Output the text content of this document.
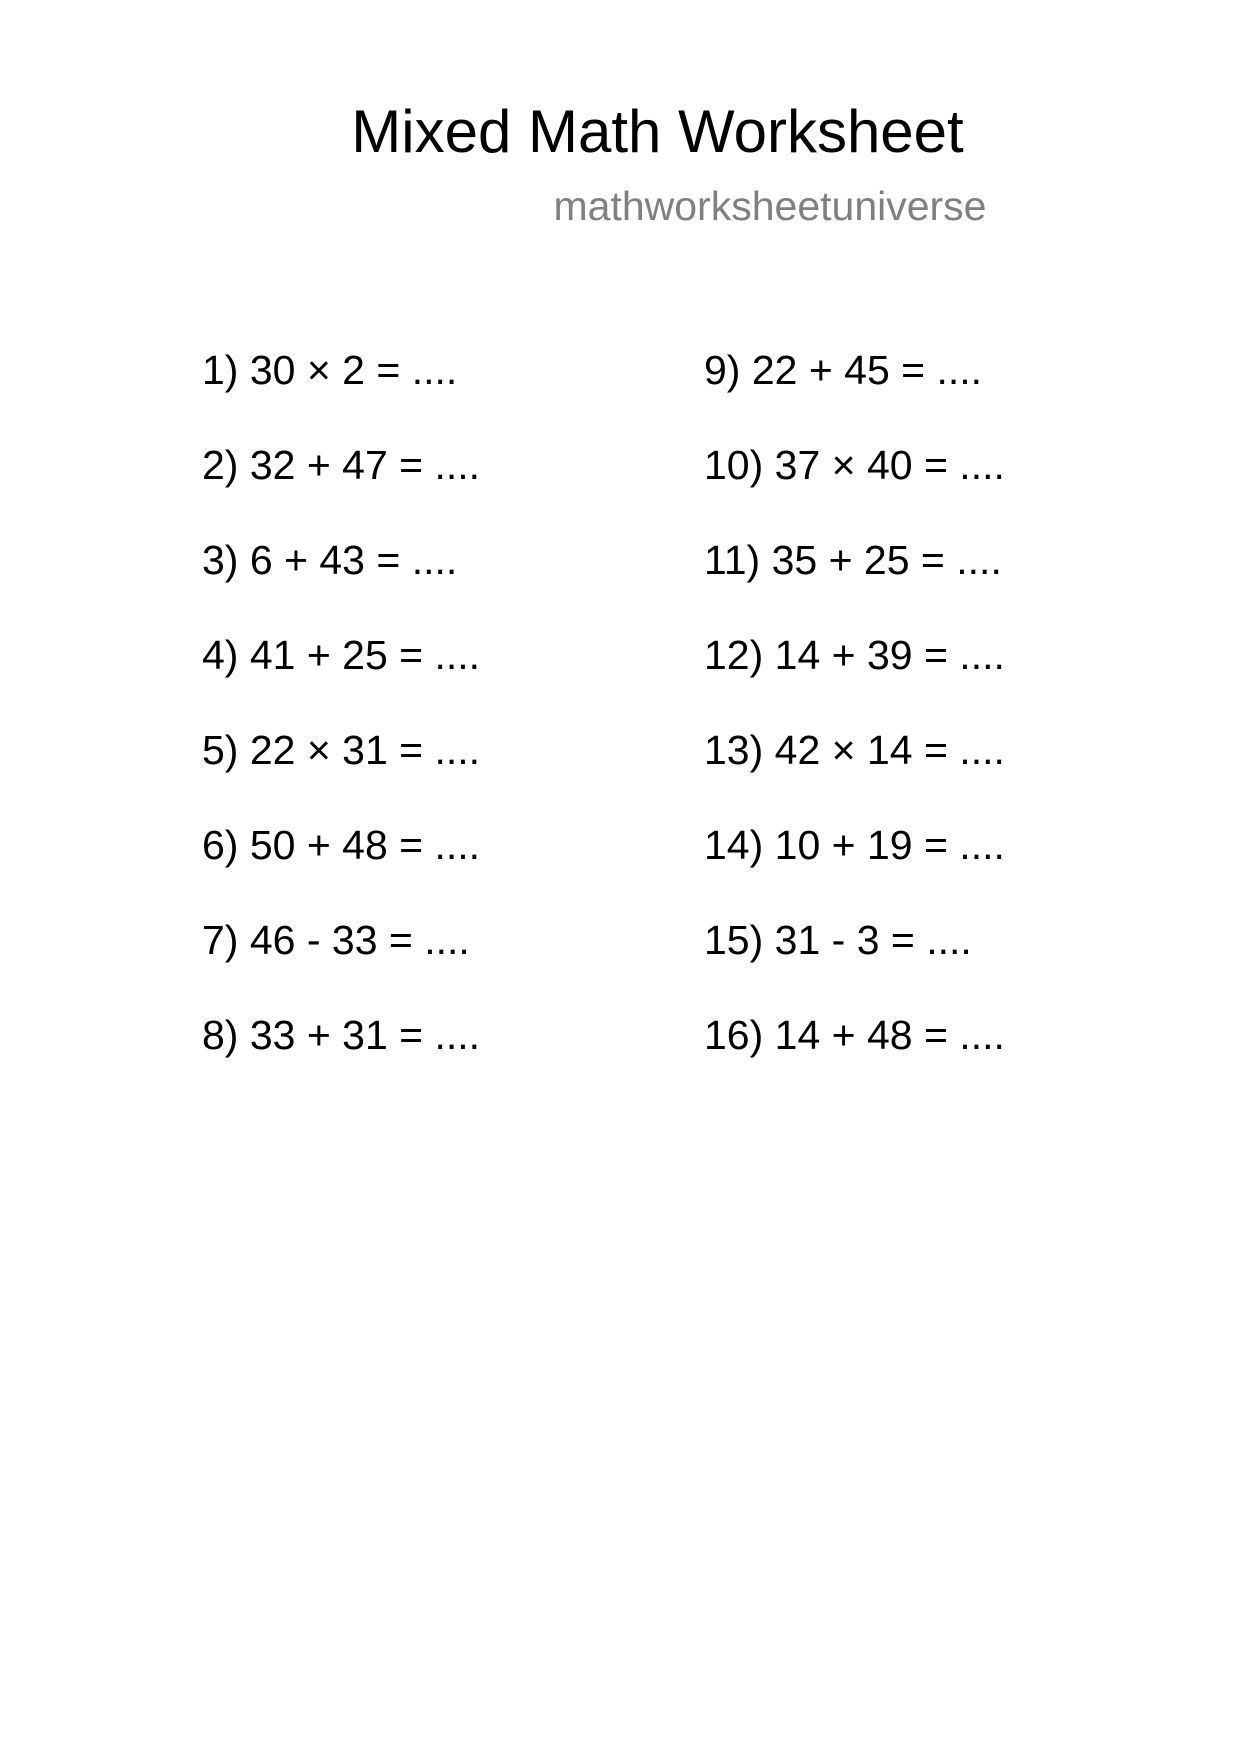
Mixed Math Worksheet
mathworksheetuniverse
1) 30 × 2 = ....
2) 32 + 47 = ....
3) 6 + 43 = ....
4) 41 + 25 = ....
5) 22 × 31 = ....
6) 50 + 48 = ....
7) 46 - 33 = ....
8) 33 + 31 = ....
9) 22 + 45 = ....
10) 37 × 40 = ....
11) 35 + 25 = ....
12) 14 + 39 = ....
13) 42 × 14 = ....
14) 10 + 19 = ....
15) 31 - 3 = ....
16) 14 + 48 = ....
